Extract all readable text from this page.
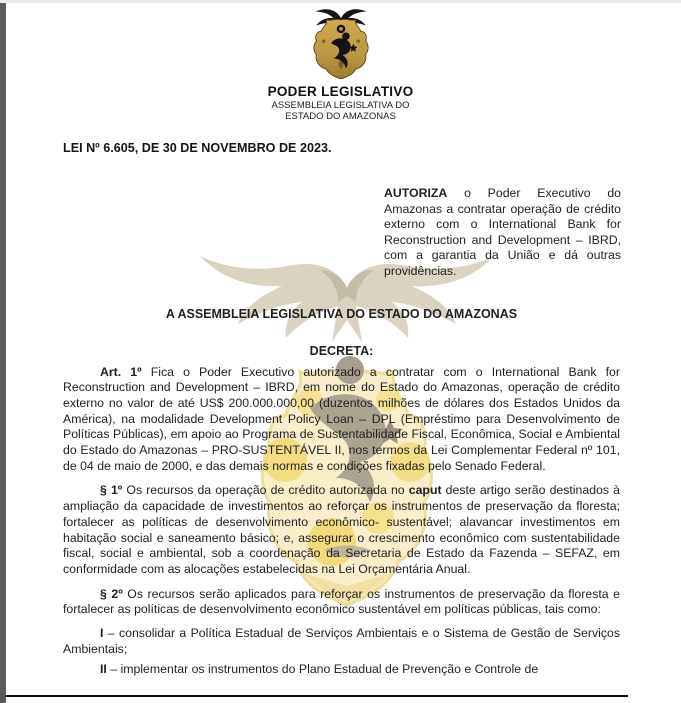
PODER LEGISLATIVO
ASSEMBLEIA LEGISLATIVA DO
ESTADO DO AMAZONAS
LEI Nº 6.605, DE 30 DE NOVEMBRO DE 2023.

AUTORIZA o Poder Executivo do Amazonas a contratar operação de crédito externo com o International Bank for Reconstruction and Development – IBRD, com a garantia da União e dá outras providências.

A ASSEMBLEIA LEGISLATIVA DO ESTADO DO AMAZONAS
DECRETA:

Art. 1º Fica o Poder Executivo autorizado a contratar com o International Bank for Reconstruction and Development – IBRD, em nome do Estado do Amazonas, operação de crédito externo no valor de até US$ 200.000.000,00 (duzentos milhões de dólares dos Estados Unidos da América), na modalidade Development Policy Loan – DPL (Empréstimo para Desenvolvimento de Políticas Públicas), em apoio ao Programa de Sustentabilidade Fiscal, Econômica, Social e Ambiental do Estado do Amazonas – PRO-SUSTENTÁVEL II, nos termos da Lei Complementar Federal nº 101, de 04 de maio de 2000, e das demais normas e condições fixadas pelo Senado Federal.

§ 1º Os recursos da operação de crédito autorizada no caput deste artigo serão destinados à ampliação da capacidade de investimentos ao reforçar os instrumentos de preservação da floresta; fortalecer as políticas de desenvolvimento econômico- sustentável; alavancar investimentos em habitação social e saneamento básico; e, assegurar o crescimento econômico com sustentabilidade fiscal, social e ambiental, sob a coordenação da Secretaria de Estado da Fazenda – SEFAZ, em conformidade com as alocações estabelecidas na Lei Orçamentária Anual.

§ 2º Os recursos serão aplicados para reforçar os instrumentos de preservação da floresta e fortalecer as políticas de desenvolvimento econômico sustentável em políticas públicas, tais como:

I – consolidar a Política Estadual de Serviços Ambientais e o Sistema de Gestão de Serviços Ambientais;

II – implementar os instrumentos do Plano Estadual de Prevenção e Controle de
